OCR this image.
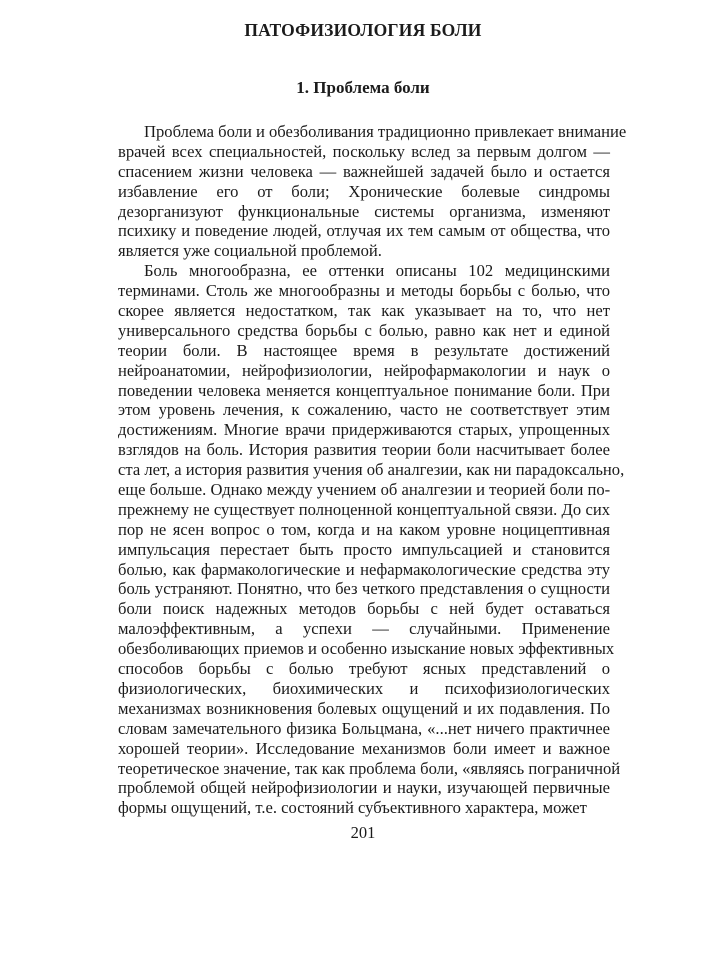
ПАТОФИЗИОЛОГИЯ БОЛИ
1. Проблема боли
Проблема боли и обезболивания традиционно привлекает внимание
врачей всех специальностей, поскольку вслед за первым долгом —
спасением жизни человека — важнейшей задачей было и остается
избавление его от боли; Хронические болевые синдромы
дезорганизуют функциональные системы организма, изменяют
психику и поведение людей, отлучая их тем самым от общества, что
является уже социальной проблемой.
Боль многообразна, ее оттенки описаны 102 медицинскими
терминами. Столь же многообразны и методы борьбы с болью, что
скорее является недостатком, так как указывает на то, что нет
универсального средства борьбы с болью, равно как нет и единой
теории боли. В настоящее время в результате достижений
нейроанатомии, нейрофизиологии, нейрофармакологии и наук о
поведении человека меняется концептуальное понимание боли. При
этом уровень лечения, к сожалению, часто не соответствует этим
достижениям. Многие врачи придерживаются старых, упрощенных
взглядов на боль. История развития теории боли насчитывает более
ста лет, а история развития учения об аналгезии, как ни парадоксально,
еще больше. Однако между учением об аналгезии и теорией боли по-
прежнему не существует полноценной концептуальной связи. До сих
пор не ясен вопрос о том, когда и на каком уровне ноцицептивная
импульсация перестает быть просто импульсацией и становится
болью, как фармакологические и нефармакологические средства эту
боль устраняют. Понятно, что без четкого представления о сущности
боли поиск надежных методов борьбы с ней будет оставаться
малоэффективным, а успехи — случайными. Применение
обезболивающих приемов и особенно изыскание новых эффективных
способов борьбы с болью требуют ясных представлений о
физиологических, биохимических и психофизиологических
механизмах возникновения болевых ощущений и их подавления. По
словам замечательного физика Больцмана, «...нет ничего практичнее
хорошей теории». Исследование механизмов боли имеет и важное
теоретическое значение, так как проблема боли, «являясь пограничной
проблемой общей нейрофизиологии и науки, изучающей первичные
формы ощущений, т.е. состояний субъективного характера, может
201
